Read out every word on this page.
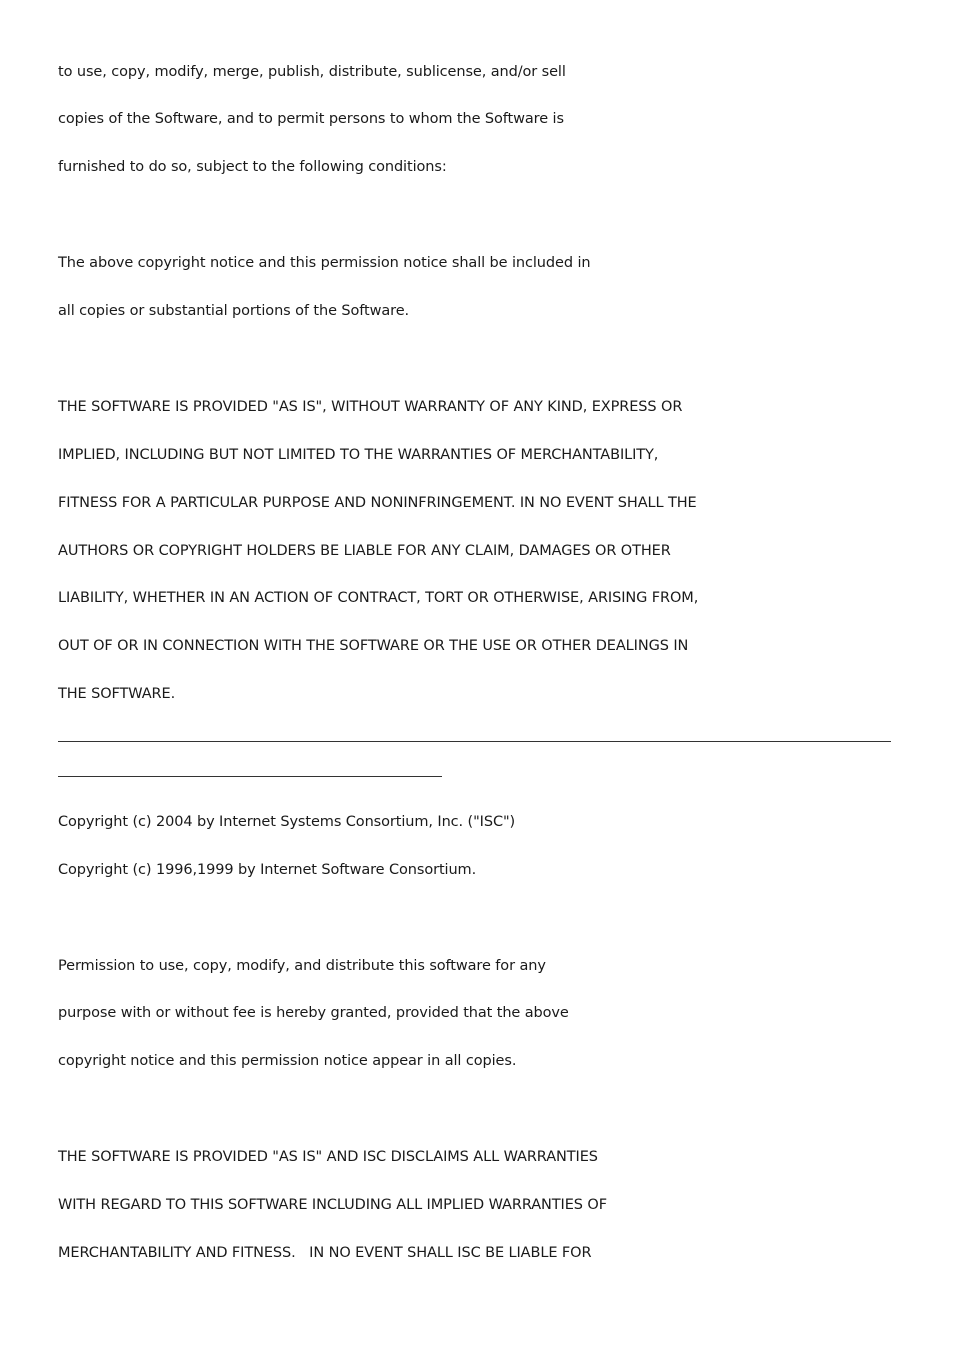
to use, copy, modify, merge, publish, distribute, sublicense, and/or sell
copies of the Software, and to permit persons to whom the Software is
furnished to do so, subject to the following conditions:
The above copyright notice and this permission notice shall be included in
all copies or substantial portions of the Software.
THE SOFTWARE IS PROVIDED "AS IS", WITHOUT WARRANTY OF ANY KIND, EXPRESS OR
IMPLIED, INCLUDING BUT NOT LIMITED TO THE WARRANTIES OF MERCHANTABILITY,
FITNESS FOR A PARTICULAR PURPOSE AND NONINFRINGEMENT. IN NO EVENT SHALL THE
AUTHORS OR COPYRIGHT HOLDERS BE LIABLE FOR ANY CLAIM, DAMAGES OR OTHER
LIABILITY, WHETHER IN AN ACTION OF CONTRACT, TORT OR OTHERWISE, ARISING FROM,
OUT OF OR IN CONNECTION WITH THE SOFTWARE OR THE USE OR OTHER DEALINGS IN
THE SOFTWARE.
Copyright (c) 2004 by Internet Systems Consortium, Inc. ("ISC")
Copyright (c) 1996,1999 by Internet Software Consortium.
Permission to use, copy, modify, and distribute this software for any
purpose with or without fee is hereby granted, provided that the above
copyright notice and this permission notice appear in all copies.
THE SOFTWARE IS PROVIDED "AS IS" AND ISC DISCLAIMS ALL WARRANTIES
WITH REGARD TO THIS SOFTWARE INCLUDING ALL IMPLIED WARRANTIES OF
MERCHANTABILITY AND FITNESS.   IN NO EVENT SHALL ISC BE LIABLE FOR
